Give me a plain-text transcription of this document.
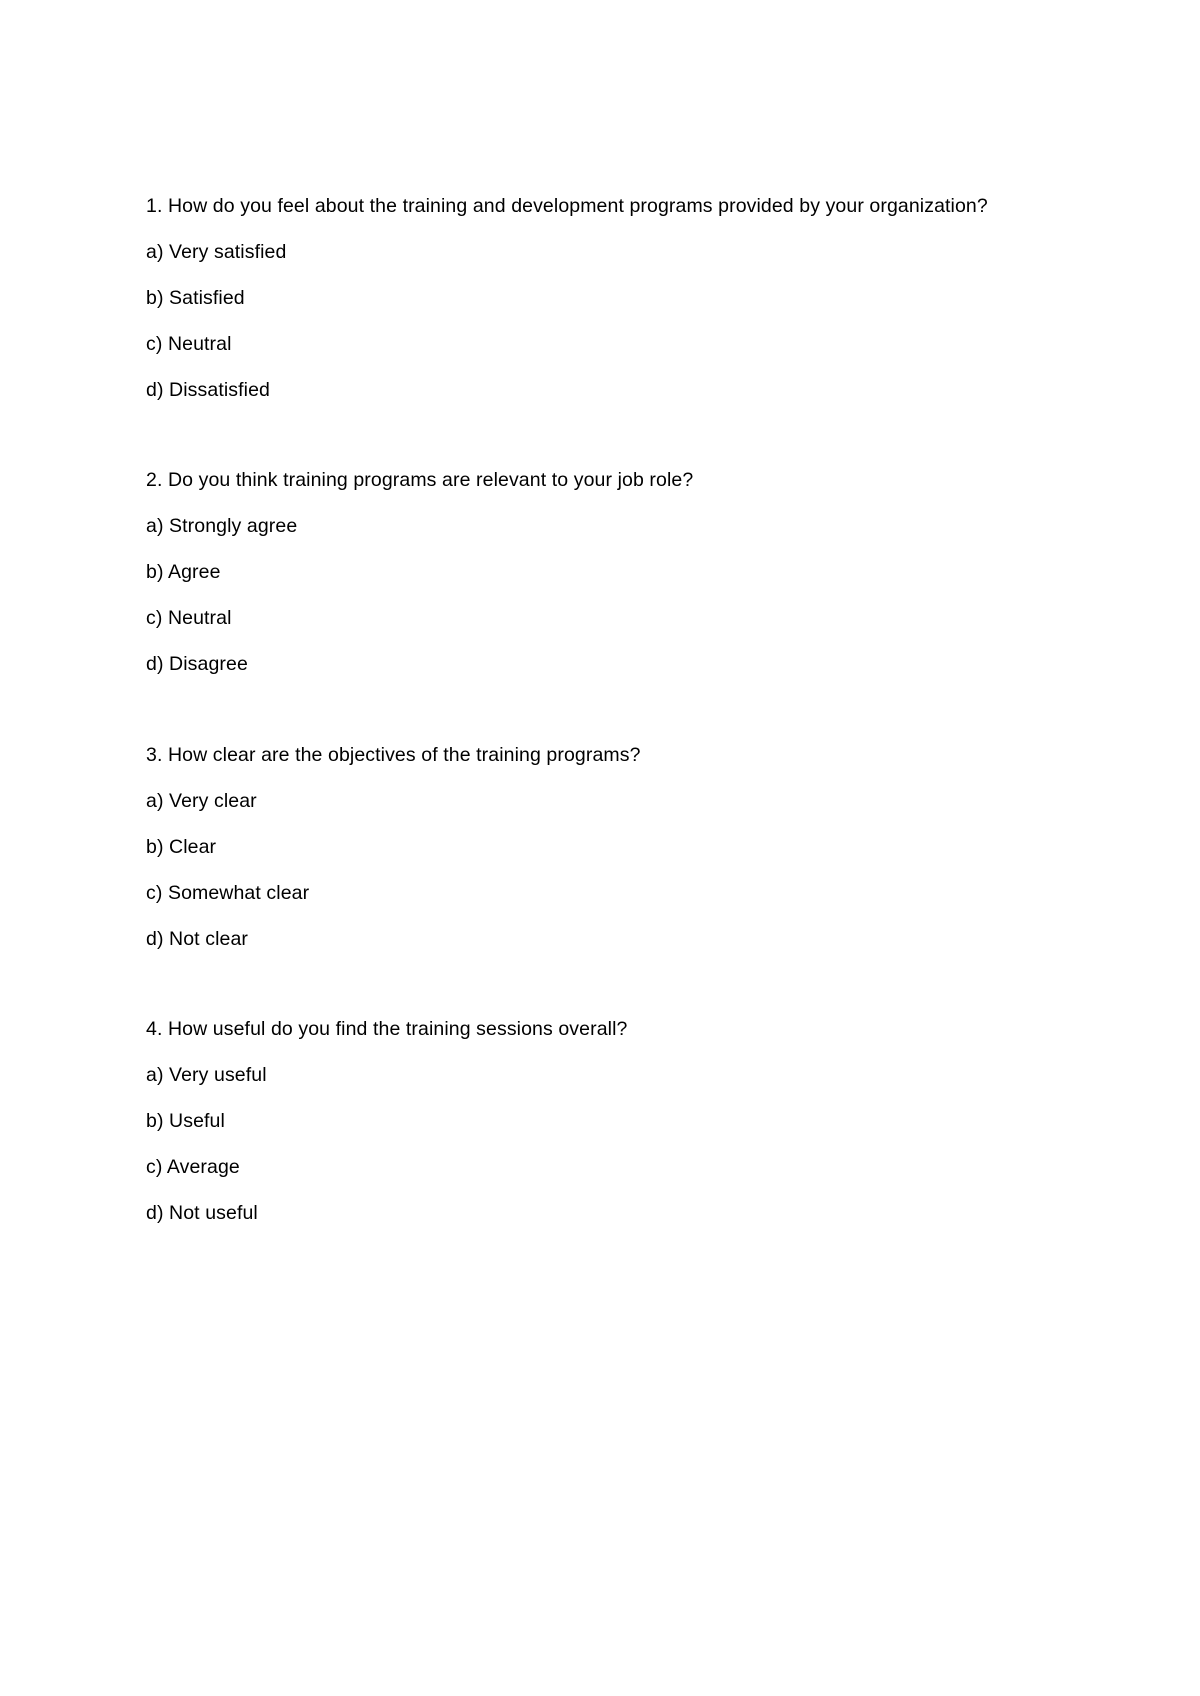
1. How do you feel about the training and development programs provided by your organization?
a) Very satisfied
b) Satisfied
c) Neutral
d) Dissatisfied
2. Do you think training programs are relevant to your job role?
a) Strongly agree
b) Agree
c) Neutral
d) Disagree
3. How clear are the objectives of the training programs?
a) Very clear
b) Clear
c) Somewhat clear
d) Not clear
4. How useful do you find the training sessions overall?
a) Very useful
b) Useful
c) Average
d) Not useful
